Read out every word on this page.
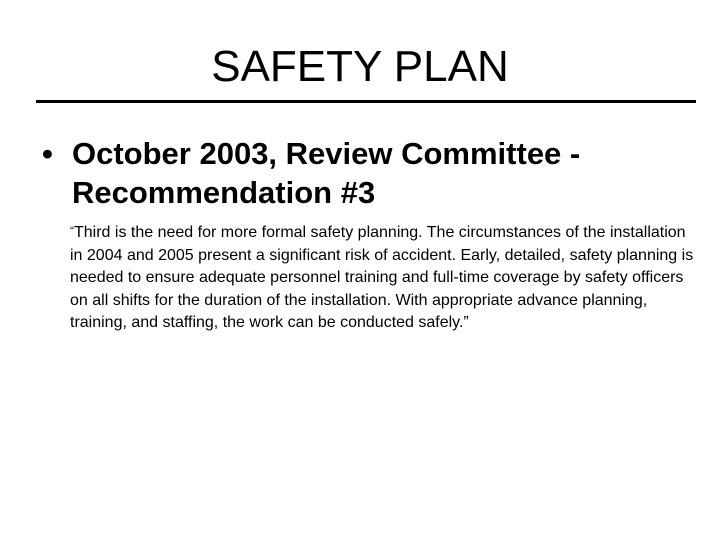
SAFETY PLAN
• October 2003, Review Committee - Recommendation #3
“Third is the need for more formal safety planning. The circumstances of the installation in 2004 and 2005 present a significant risk of accident. Early, detailed, safety planning is needed to ensure adequate personnel training and full-time coverage by safety officers on all shifts for the duration of the installation. With appropriate advance planning, training, and staffing, the work can be conducted safely.”
